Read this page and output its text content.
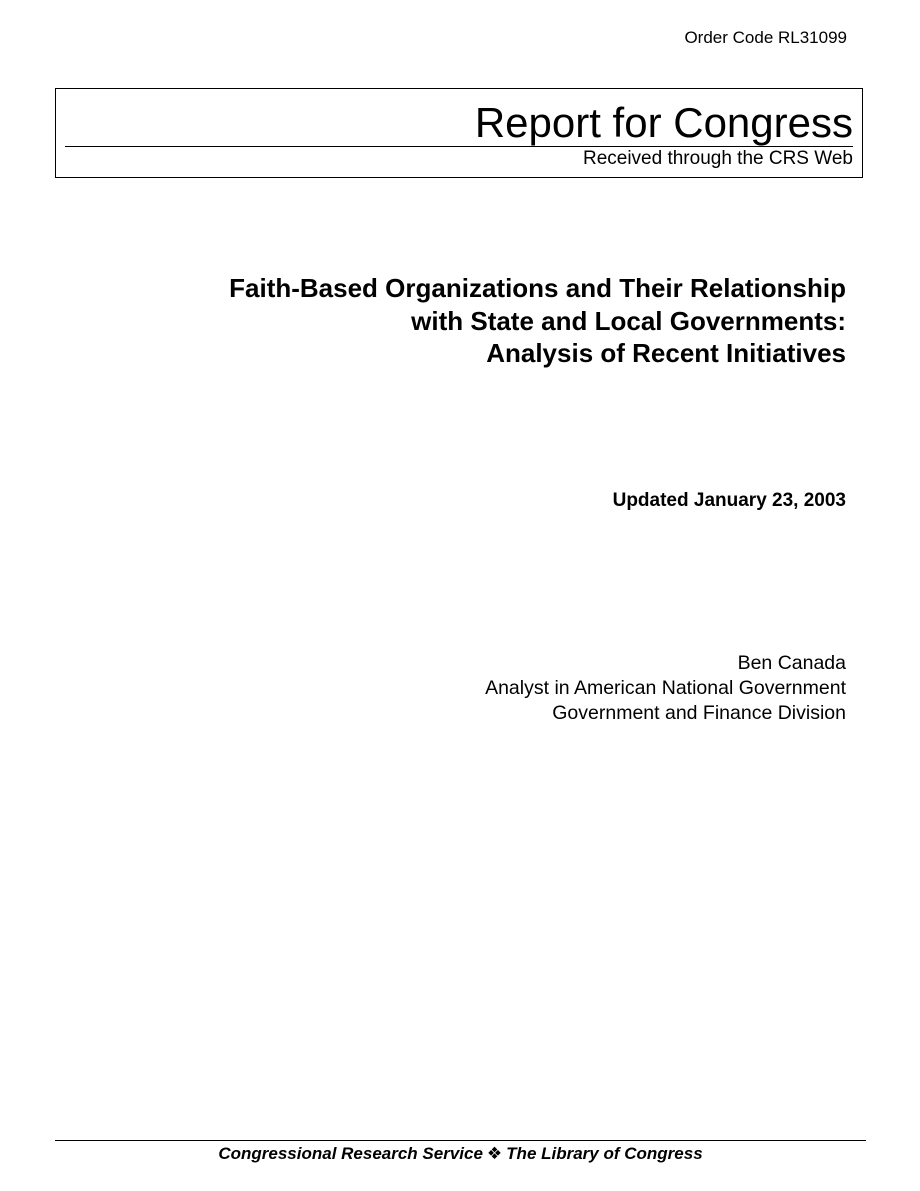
Order Code RL31099
Report for Congress
Received through the CRS Web
Faith-Based Organizations and Their Relationship
with State and Local Governments:
Analysis of Recent Initiatives
Updated January 23, 2003
Ben Canada
Analyst in American National Government
Government and Finance Division
Congressional Research Service ❖ The Library of Congress
